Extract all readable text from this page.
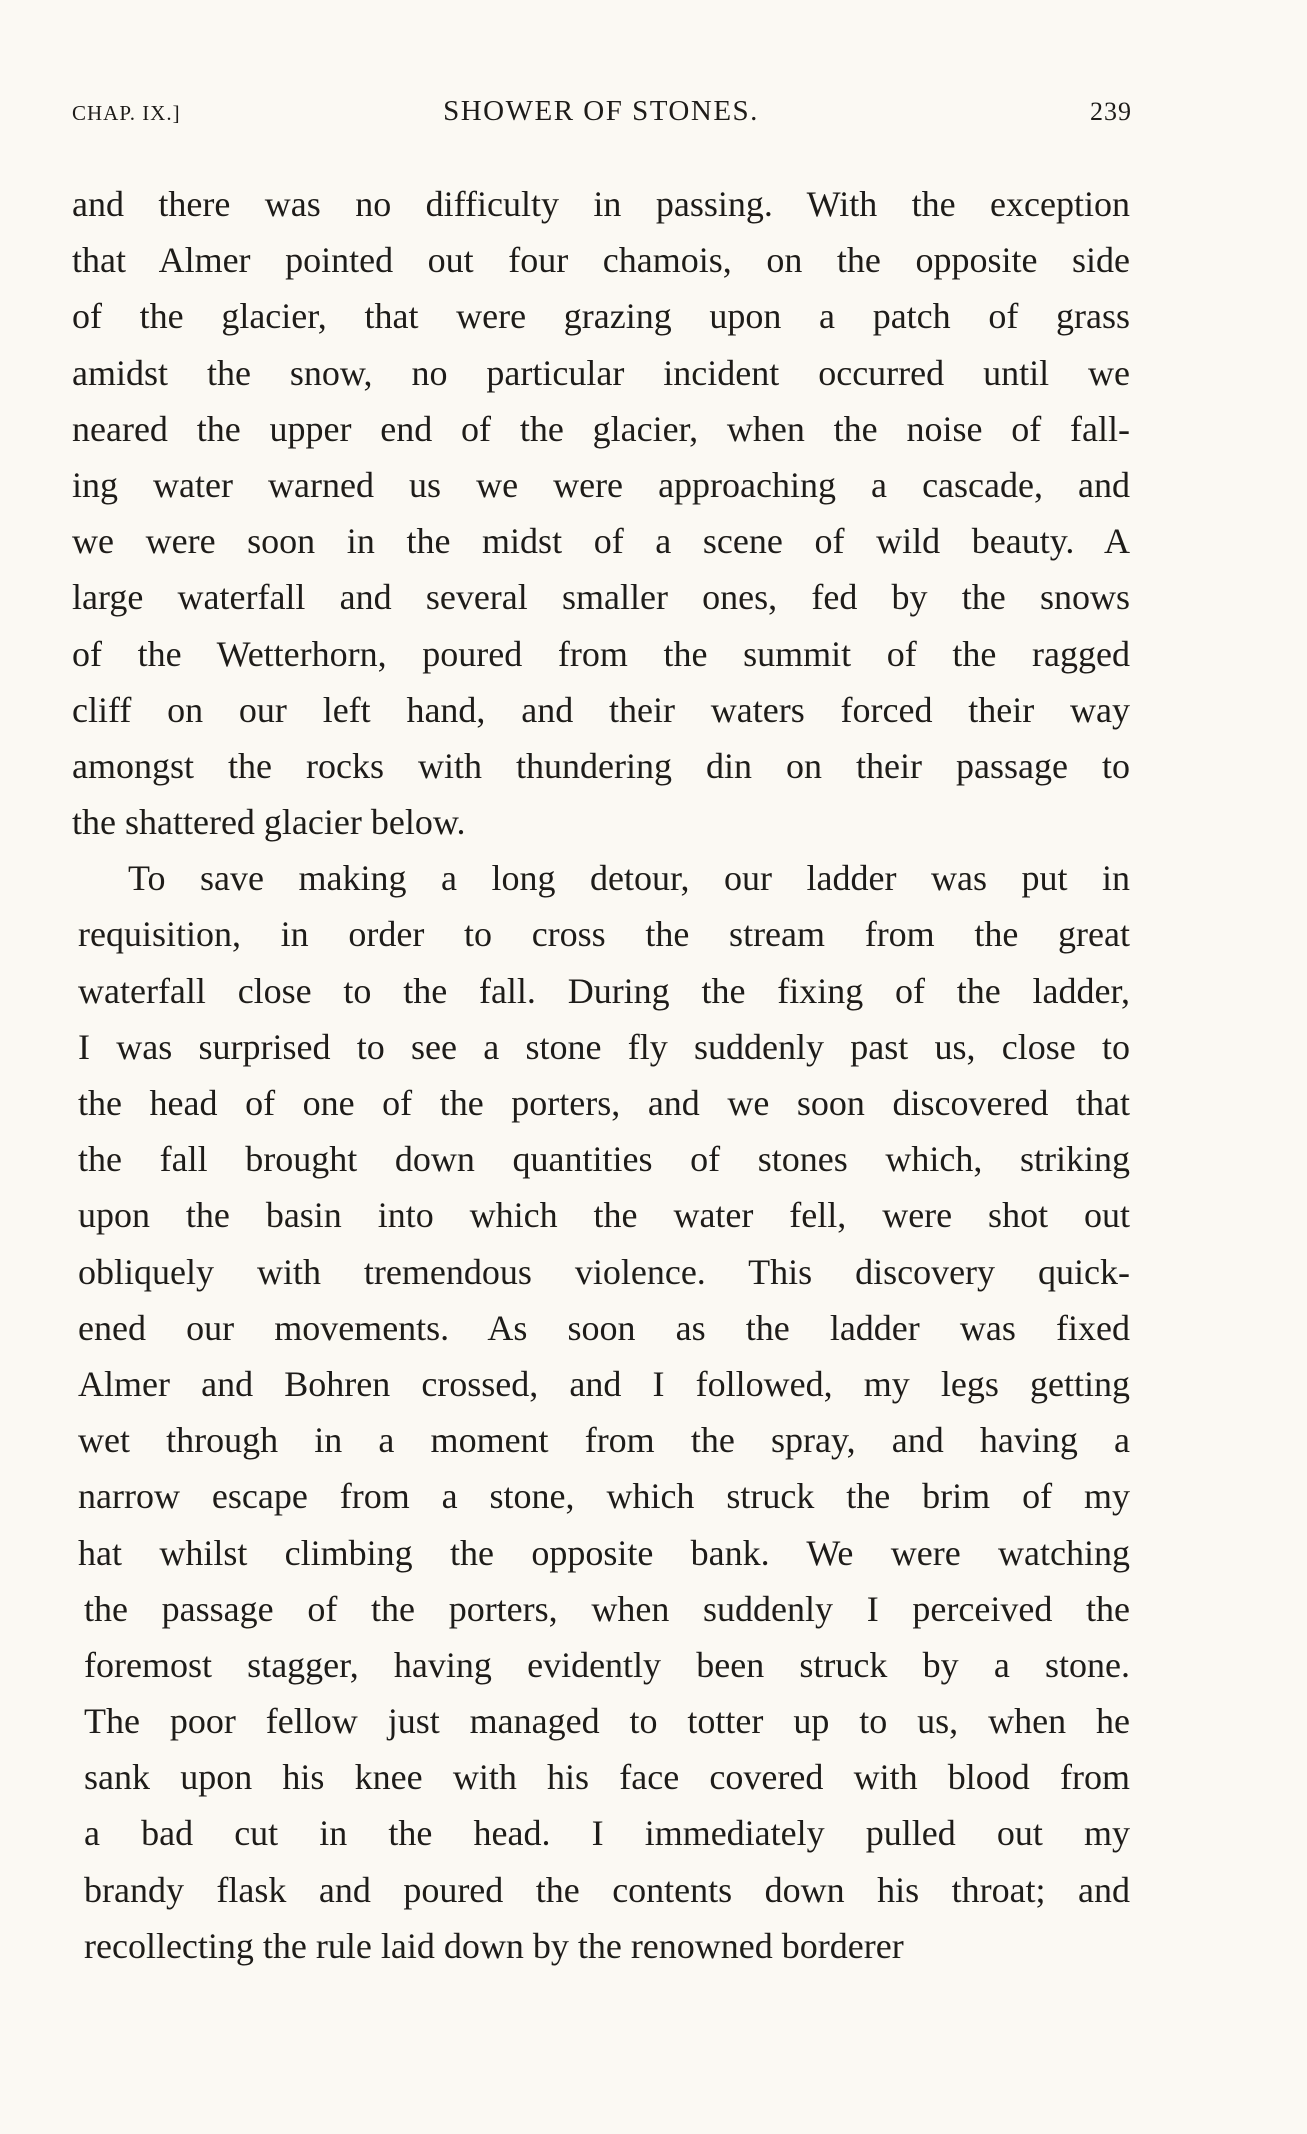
CHAP. IX.]	SHOWER OF STONES.	239
and there was no difficulty in passing. With the exception
that Almer pointed out four chamois, on the opposite side
of the glacier, that were grazing upon a patch of grass
amidst the snow, no particular incident occurred until we
neared the upper end of the glacier, when the noise of fall-
ing water warned us we were approaching a cascade, and
we were soon in the midst of a scene of wild beauty. A
large waterfall and several smaller ones, fed by the snows
of the Wetterhorn, poured from the summit of the ragged
cliff on our left hand, and their waters forced their way
amongst the rocks with thundering din on their passage to
the shattered glacier below.
To save making a long detour, our ladder was put in
requisition, in order to cross the stream from the great
waterfall close to the fall. During the fixing of the ladder,
I was surprised to see a stone fly suddenly past us, close to
the head of one of the porters, and we soon discovered that
the fall brought down quantities of stones which, striking
upon the basin into which the water fell, were shot out
obliquely with tremendous violence. This discovery quick-
ened our movements. As soon as the ladder was fixed
Almer and Bohren crossed, and I followed, my legs getting
wet through in a moment from the spray, and having a
narrow escape from a stone, which struck the brim of my
hat whilst climbing the opposite bank. We were watching
the passage of the porters, when suddenly I perceived the
foremost stagger, having evidently been struck by a stone.
The poor fellow just managed to totter up to us, when he
sank upon his knee with his face covered with blood from
a bad cut in the head. I immediately pulled out my
brandy flask and poured the contents down his throat; and
recollecting the rule laid down by the renowned borderer
